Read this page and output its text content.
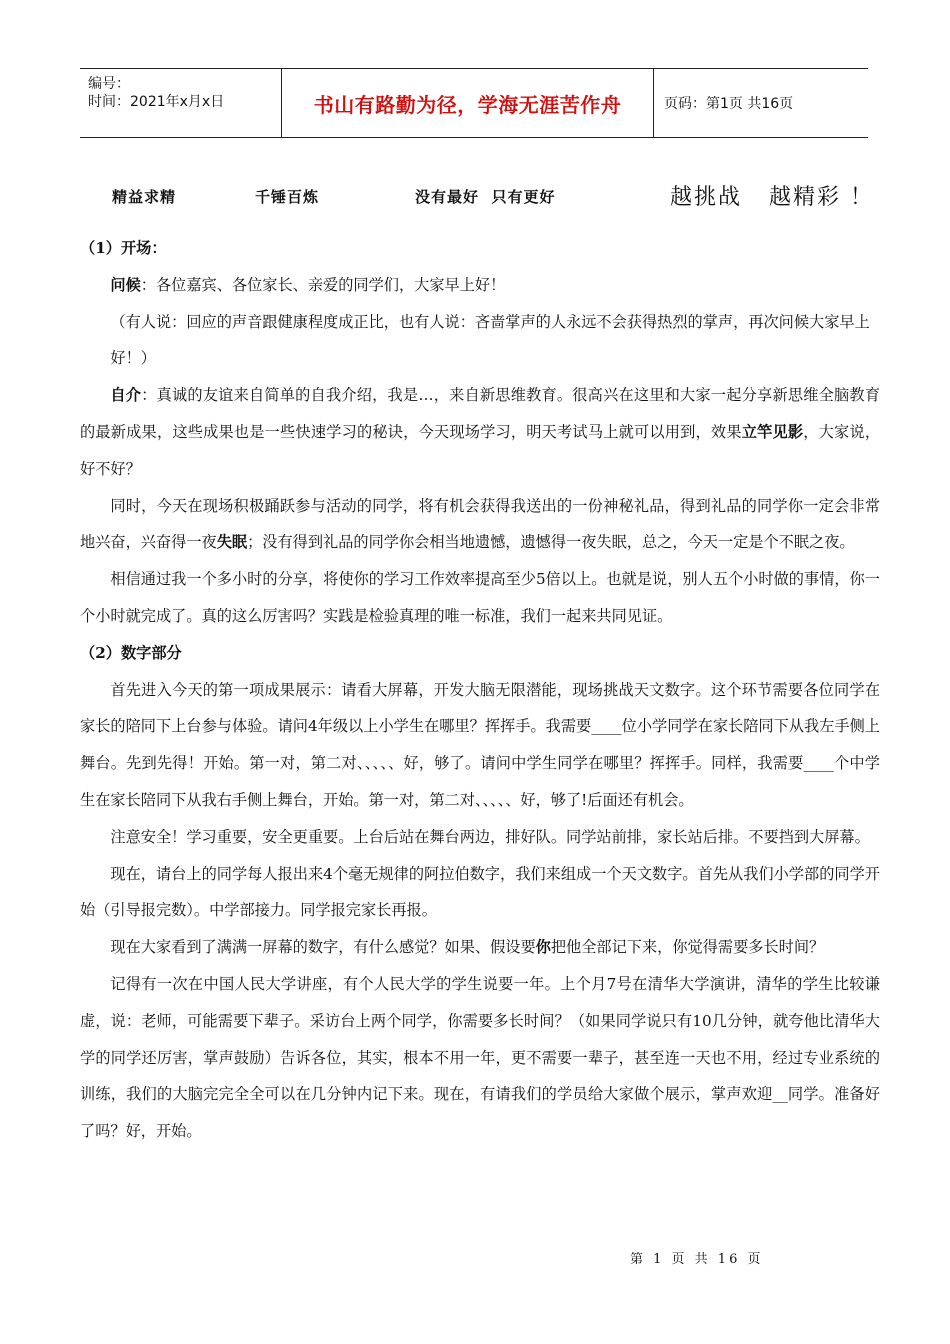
编号：
时间：2021年x月x日	书山有路勤为径，学海无涯苦作舟	页码：第1页 共16页
精益求精	千锤百炼	没有最好  只有更好	越挑战   越精彩 ！

（1）开场：

问候：各位嘉宾、各位家长、亲爱的同学们，大家早上好！

（有人说：回应的声音跟健康程度成正比，也有人说：吝啬掌声的人永远不会获得热烈的掌声，再次问候大家早上好！）

自介：真诚的友谊来自简单的自我介绍，我是…，来自新思维教育。很高兴在这里和大家一起分享新思维全脑教育的最新成果，这些成果也是一些快速学习的秘诀，今天现场学习，明天考试马上就可以用到，效果立竿见影，大家说，好不好？

同时，今天在现场积极踊跃参与活动的同学，将有机会获得我送出的一份神秘礼品，得到礼品的同学你一定会非常地兴奋，兴奋得一夜失眠；没有得到礼品的同学你会相当地遗憾，遗憾得一夜失眠，总之，今天一定是个不眠之夜。

相信通过我一个多小时的分享，将使你的学习工作效率提高至少5倍以上。也就是说，别人五个小时做的事情，你一个小时就完成了。真的这么厉害吗？实践是检验真理的唯一标准，我们一起来共同见证。

（2）数字部分

首先进入今天的第一项成果展示：请看大屏幕，开发大脑无限潜能，现场挑战天文数字。这个环节需要各位同学在家长的陪同下上台参与体验。请问4年级以上小学生在哪里？挥挥手。我需要____位小学同学在家长陪同下从我左手侧上舞台。先到先得！开始。第一对，第二对、、、、、好，够了。请问中学生同学在哪里？挥挥手。同样，我需要____个中学生在家长陪同下从我右手侧上舞台，开始。第一对，第二对、、、、、好，够了!后面还有机会。

注意安全！学习重要，安全更重要。上台后站在舞台两边，排好队。同学站前排，家长站后排。不要挡到大屏幕。

现在，请台上的同学每人报出来4个毫无规律的阿拉伯数字，我们来组成一个天文数字。首先从我们小学部的同学开始（引导报完数）。中学部接力。同学报完家长再报。

现在大家看到了满满一屏幕的数字，有什么感觉？如果、假设要你把他全部记下来，你觉得需要多长时间？

记得有一次在中国人民大学讲座，有个人民大学的学生说要一年。上个月7号在清华大学演讲，清华的学生比较谦虚，说：老师，可能需要下辈子。采访台上两个同学，你需要多长时间？（如果同学说只有10几分钟，就夸他比清华大学的同学还厉害，掌声鼓励）告诉各位，其实，根本不用一年，更不需要一辈子，甚至连一天也不用，经过专业系统的训练，我们的大脑完完全全可以在几分钟内记下来。现在，有请我们的学员给大家做个展示，掌声欢迎__同学。准备好了吗？好，开始。

第 1 页 共 16 页
